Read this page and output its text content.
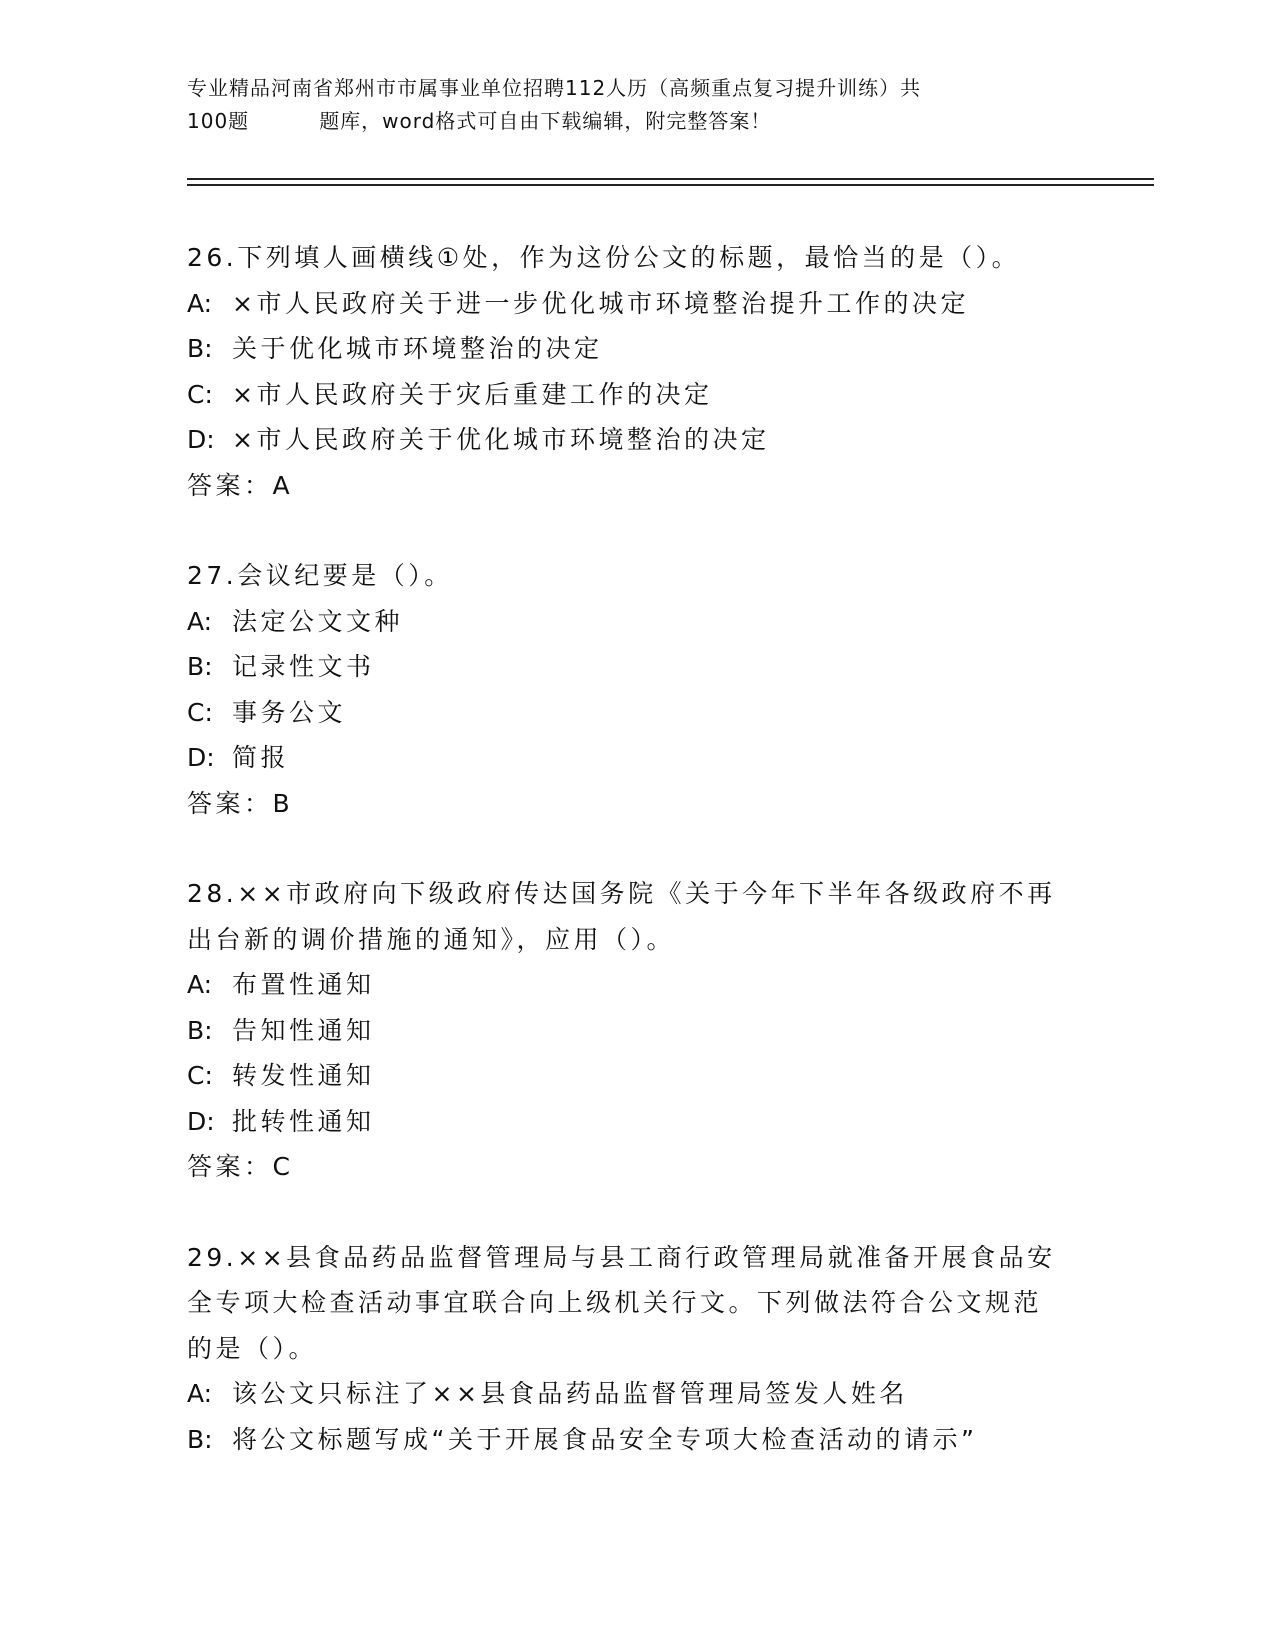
专业精品河南省郑州市市属事业单位招聘112人历（高频重点复习提升训练）共
100题	题库，word格式可自由下载编辑，附完整答案！
26.下列填人画横线①处，作为这份公文的标题，最恰当的是（）。
A: ×市人民政府关于进一步优化城市环境整治提升工作的决定
B: 关于优化城市环境整治的决定
C: ×市人民政府关于灾后重建工作的决定
D: ×市人民政府关于优化城市环境整治的决定
答案：A
27.会议纪要是（）。
A: 法定公文文种
B: 记录性文书
C: 事务公文
D: 简报
答案：B
28.××市政府向下级政府传达国务院《关于今年下半年各级政府不再
出台新的调价措施的通知》，应用（）。
A: 布置性通知
B: 告知性通知
C: 转发性通知
D: 批转性通知
答案：C
29.××县食品药品监督管理局与县工商行政管理局就准备开展食品安
全专项大检查活动事宜联合向上级机关行文。下列做法符合公文规范
的是（）。
A: 该公文只标注了××县食品药品监督管理局签发人姓名
B: 将公文标题写成“关于开展食品安全专项大检查活动的请示”
